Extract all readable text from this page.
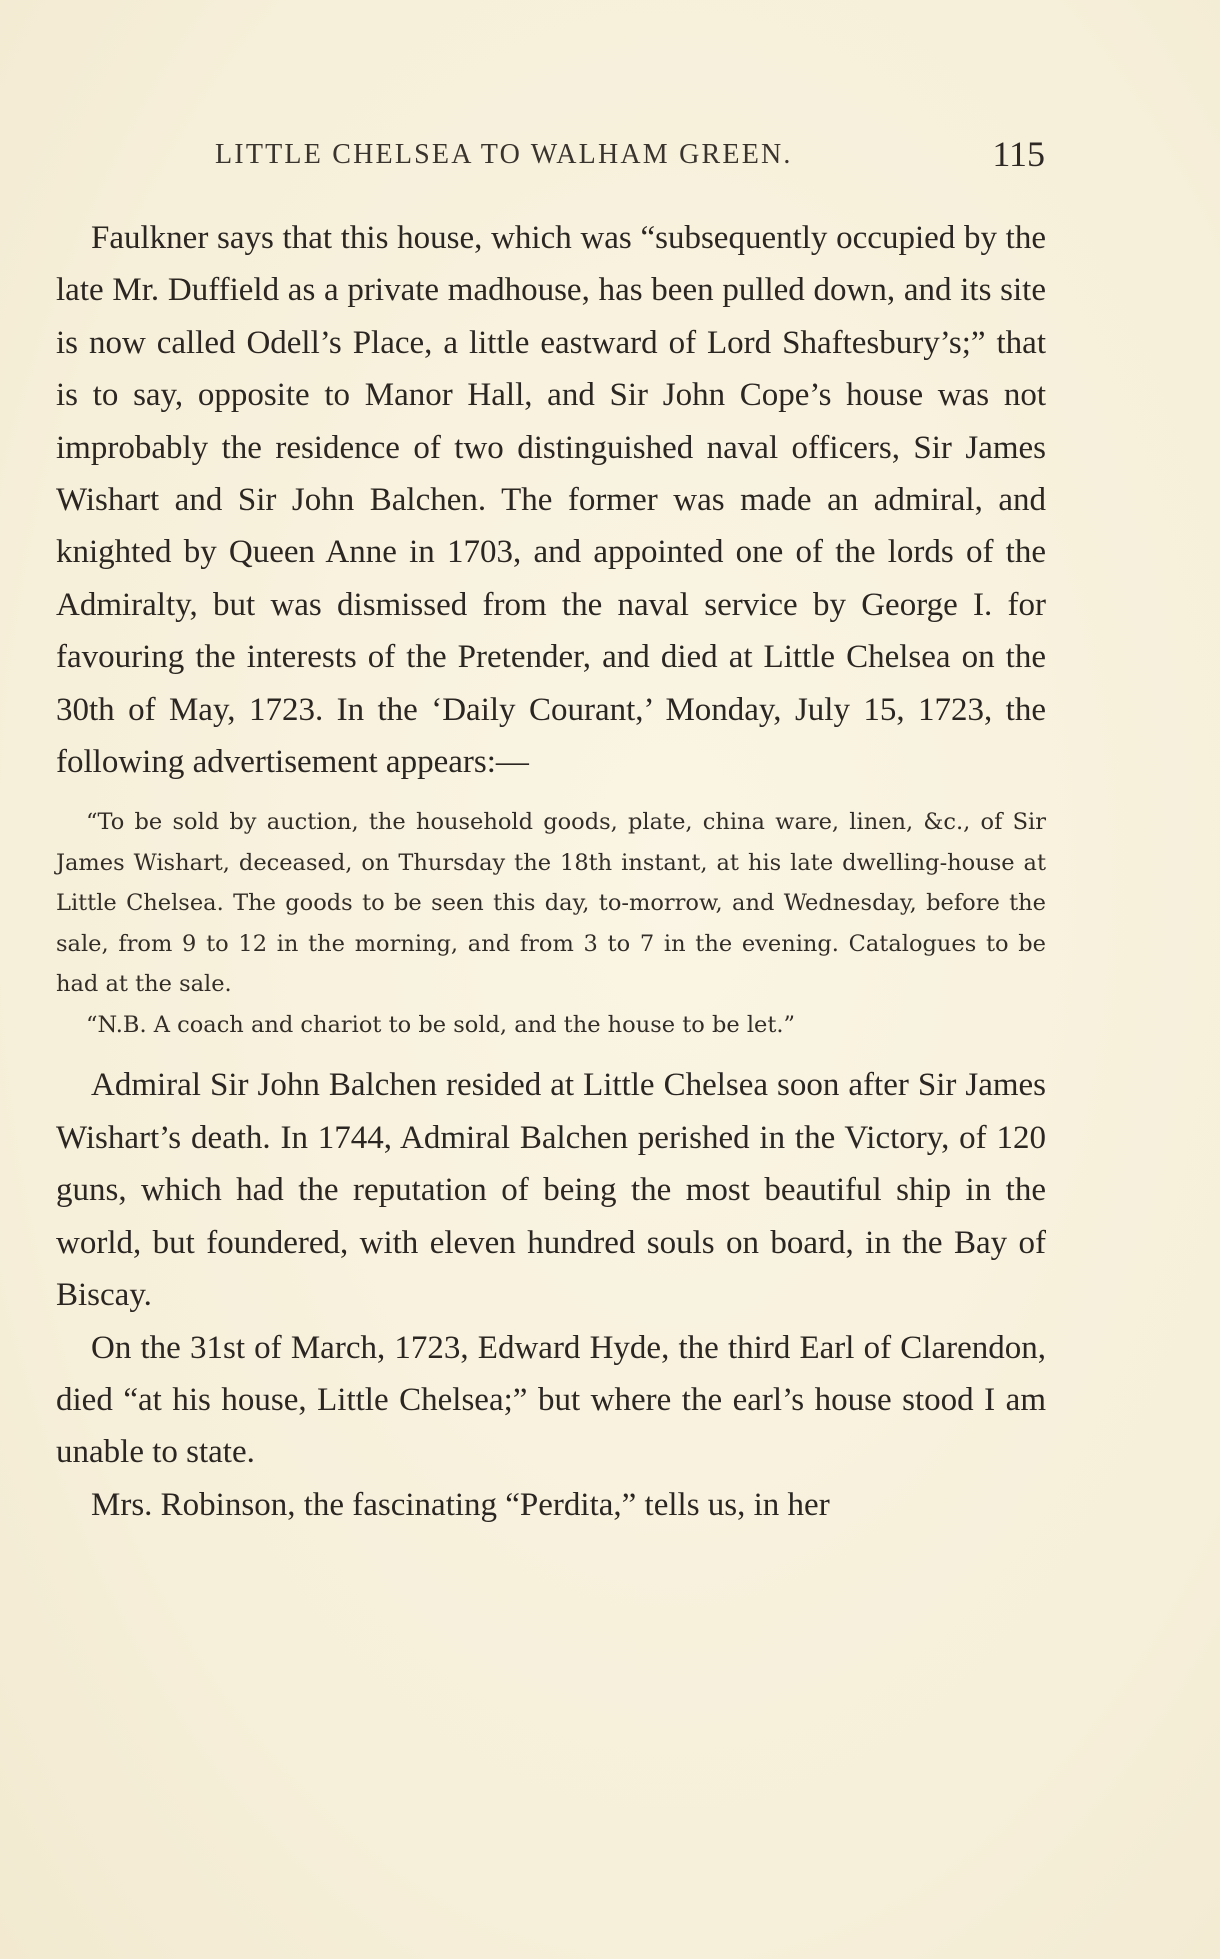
LITTLE CHELSEA TO WALHAM GREEN.	115

Faulkner says that this house, which was “subsequently occupied by the late Mr. Duffield as a private madhouse, has been pulled down, and its site is now called Odell’s Place, a little eastward of Lord Shaftesbury’s;” that is to say, opposite to Manor Hall, and Sir John Cope’s house was not improbably the residence of two distinguished naval officers, Sir James Wishart and Sir John Balchen. The former was made an admiral, and knighted by Queen Anne in 1703, and appointed one of the lords of the Admiralty, but was dismissed from the naval service by George I. for favouring the interests of the Pretender, and died at Little Chelsea on the 30th of May, 1723. In the ‘Daily Courant,’ Monday, July 15, 1723, the following advertisement appears:—

“To be sold by auction, the household goods, plate, china ware, linen, &c., of Sir James Wishart, deceased, on Thursday the 18th instant, at his late dwelling-house at Little Chelsea. The goods to be seen this day, to-morrow, and Wednesday, before the sale, from 9 to 12 in the morning, and from 3 to 7 in the evening. Catalogues to be had at the sale.

“N.B. A coach and chariot to be sold, and the house to be let.”

Admiral Sir John Balchen resided at Little Chelsea soon after Sir James Wishart’s death. In 1744, Admiral Balchen perished in the Victory, of 120 guns, which had the reputation of being the most beautiful ship in the world, but foundered, with eleven hundred souls on board, in the Bay of Biscay.

On the 31st of March, 1723, Edward Hyde, the third Earl of Clarendon, died “at his house, Little Chelsea;” but where the earl’s house stood I am unable to state.

Mrs. Robinson, the fascinating “Perdita,” tells us, in her
